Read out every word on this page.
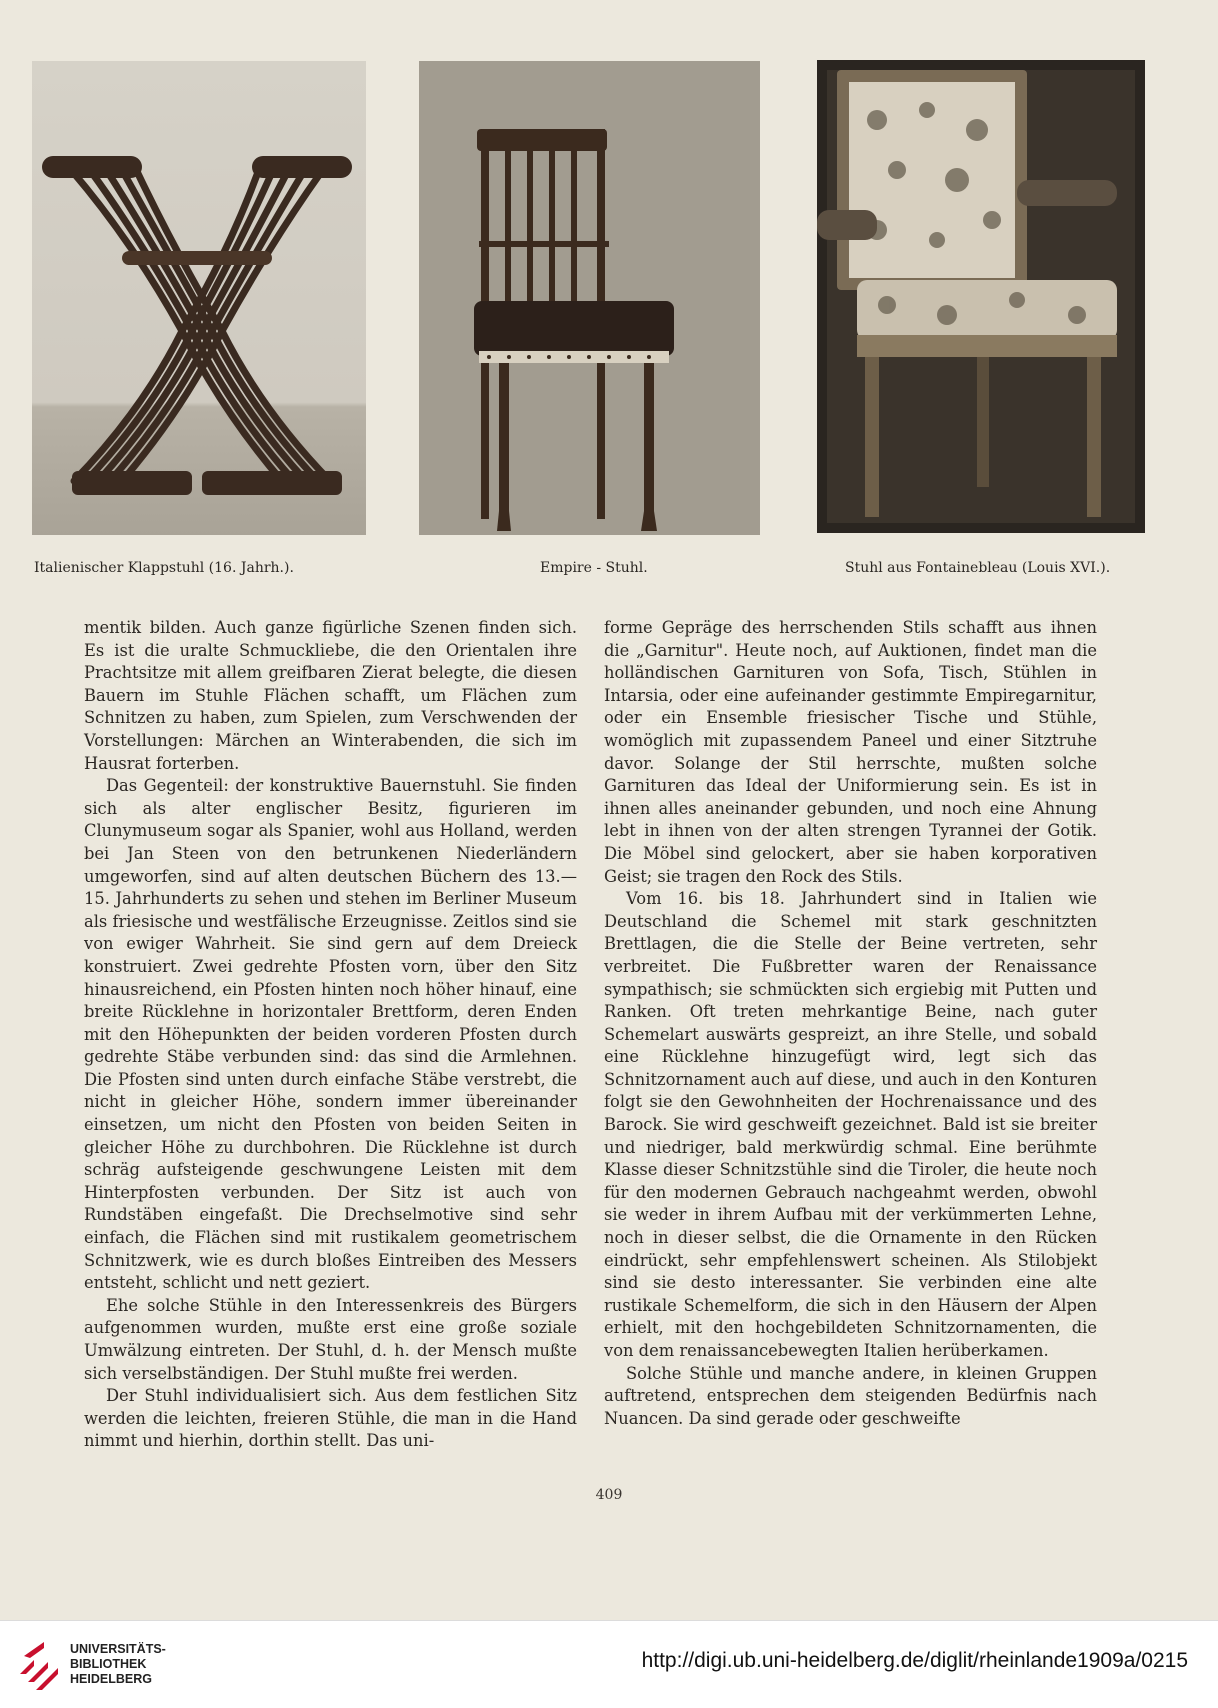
Italienischer Klappstuhl (16. Jahrh.).	Empire - Stuhl.	Stuhl aus Fontainebleau (Louis XVI.).

mentik bilden. Auch ganze figürliche Szenen finden sich. Es ist die uralte Schmuckliebe, die den Orientalen ihre Prachtsitze mit allem greifbaren Zierat belegte, die diesen Bauern im Stuhle Flächen schafft, um Flächen zum Schnitzen zu haben, zum Spielen, zum Verschwenden der Vorstellungen: Märchen an Winterabenden, die sich im Hausrat forterben.

Das Gegenteil: der konstruktive Bauernstuhl. Sie finden sich als alter englischer Besitz, figurieren im Clunymuseum sogar als Spanier, wohl aus Holland, werden bei Jan Steen von den betrunkenen Niederländern umgeworfen, sind auf alten deutschen Büchern des 13.—15. Jahrhunderts zu sehen und stehen im Berliner Museum als friesische und westfälische Erzeugnisse. Zeitlos sind sie von ewiger Wahrheit. Sie sind gern auf dem Dreieck konstruiert. Zwei gedrehte Pfosten vorn, über den Sitz hinausreichend, ein Pfosten hinten noch höher hinauf, eine breite Rücklehne in horizontaler Brettform, deren Enden mit den Höhepunkten der beiden vorderen Pfosten durch gedrehte Stäbe verbunden sind: das sind die Armlehnen. Die Pfosten sind unten durch einfache Stäbe verstrebt, die nicht in gleicher Höhe, sondern immer übereinander einsetzen, um nicht den Pfosten von beiden Seiten in gleicher Höhe zu durchbohren. Die Rücklehne ist durch schräg aufsteigende geschwungene Leisten mit dem Hinterpfosten verbunden. Der Sitz ist auch von Rundstäben eingefaßt. Die Drechselmotive sind sehr einfach, die Flächen sind mit rustikalem geometrischem Schnitzwerk, wie es durch bloßes Eintreiben des Messers entsteht, schlicht und nett geziert.

Ehe solche Stühle in den Interessenkreis des Bürgers aufgenommen wurden, mußte erst eine große soziale Umwälzung eintreten. Der Stuhl, d. h. der Mensch mußte sich verselbständigen. Der Stuhl mußte frei werden.

Der Stuhl individualisiert sich. Aus dem festlichen Sitz werden die leichten, freieren Stühle, die man in die Hand nimmt und hierhin, dorthin stellt. Das uni-

forme Gepräge des herrschenden Stils schafft aus ihnen die „Garnitur". Heute noch, auf Auktionen, findet man die holländischen Garnituren von Sofa, Tisch, Stühlen in Intarsia, oder eine aufeinander gestimmte Empiregarnitur, oder ein Ensemble friesischer Tische und Stühle, womöglich mit zupassendem Paneel und einer Sitztruhe davor. Solange der Stil herrschte, mußten solche Garnituren das Ideal der Uniformierung sein. Es ist in ihnen alles aneinander gebunden, und noch eine Ahnung lebt in ihnen von der alten strengen Tyrannei der Gotik. Die Möbel sind gelockert, aber sie haben korporativen Geist; sie tragen den Rock des Stils.

Vom 16. bis 18. Jahrhundert sind in Italien wie Deutschland die Schemel mit stark geschnitzten Brettlagen, die die Stelle der Beine vertreten, sehr verbreitet. Die Fußbretter waren der Renaissance sympathisch; sie schmückten sich ergiebig mit Putten und Ranken. Oft treten mehrkantige Beine, nach guter Schemelart auswärts gespreizt, an ihre Stelle, und sobald eine Rücklehne hinzugefügt wird, legt sich das Schnitzornament auch auf diese, und auch in den Konturen folgt sie den Gewohnheiten der Hochrenaissance und des Barock. Sie wird geschweift gezeichnet. Bald ist sie breiter und niedriger, bald merkwürdig schmal. Eine berühmte Klasse dieser Schnitzstühle sind die Tiroler, die heute noch für den modernen Gebrauch nachgeahmt werden, obwohl sie weder in ihrem Aufbau mit der verkümmerten Lehne, noch in dieser selbst, die die Ornamente in den Rücken eindrückt, sehr empfehlenswert scheinen. Als Stilobjekt sind sie desto interessanter. Sie verbinden eine alte rustikale Schemelform, die sich in den Häusern der Alpen erhielt, mit den hochgebildeten Schnitzornamenten, die von dem renaissancebewegten Italien herüberkamen.

Solche Stühle und manche andere, in kleinen Gruppen auftretend, entsprechen dem steigenden Bedürfnis nach Nuancen. Da sind gerade oder geschweifte

409
UNIVERSITÄTS-
BIBLIOTHEK
HEIDELBERG
http://digi.ub.uni-heidelberg.de/diglit/rheinlande1909a/0215
